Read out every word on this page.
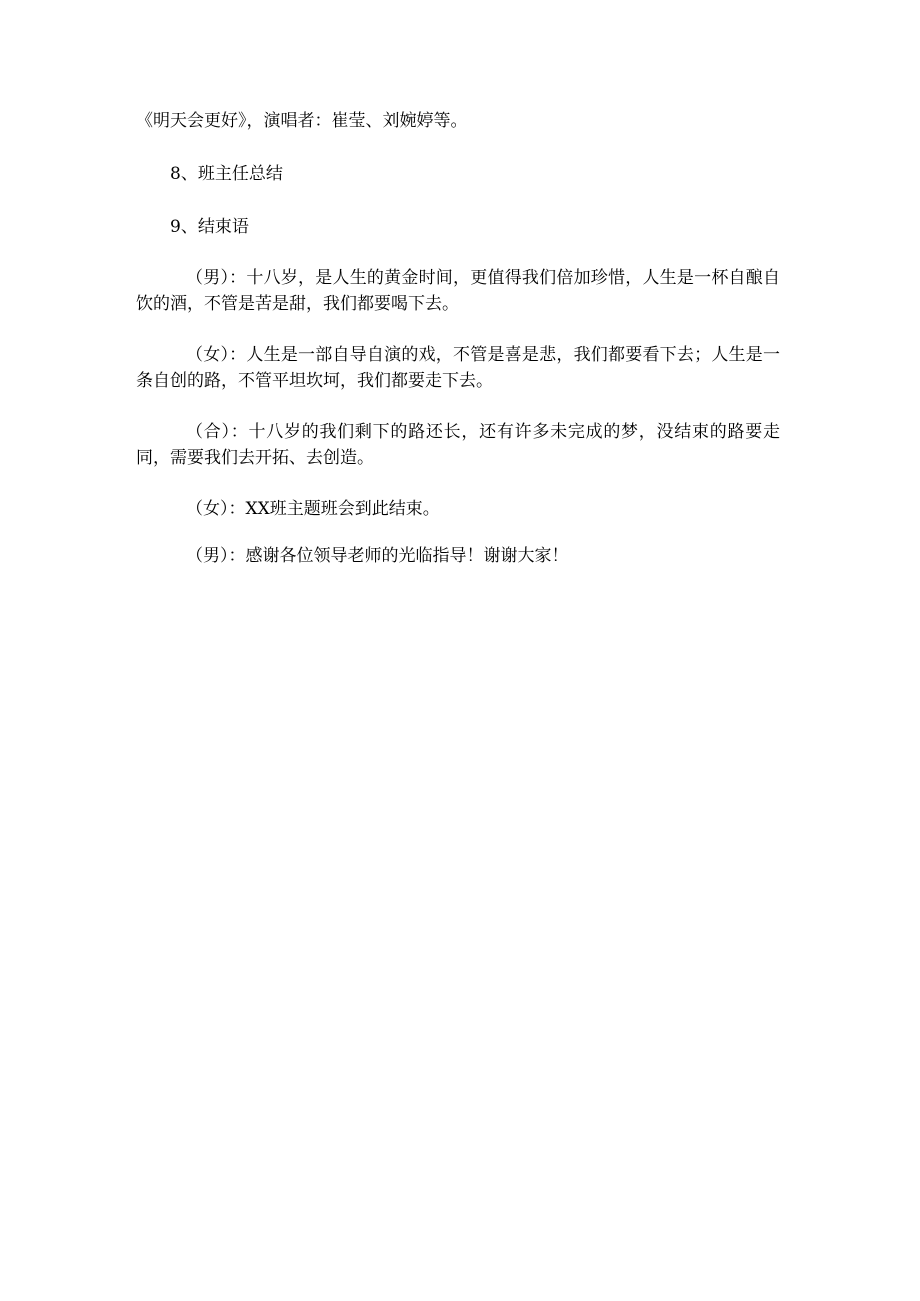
《明天会更好》，演唱者：崔莹、刘婉婷等。

8、班主任总结

9、结束语

（男）：十八岁，是人生的黄金时间，更值得我们倍加珍惜，人生是一杯自酿自饮的酒，不管是苦是甜，我们都要喝下去。

（女）：人生是一部自导自演的戏，不管是喜是悲，我们都要看下去；人生是一条自创的路，不管平坦坎坷，我们都要走下去。

（合）：十八岁的我们剩下的路还长，还有许多未完成的梦，没结束的路要走同，需要我们去开拓、去创造。

（女）：XX班主题班会到此结束。

（男）：感谢各位领导老师的光临指导！谢谢大家！
